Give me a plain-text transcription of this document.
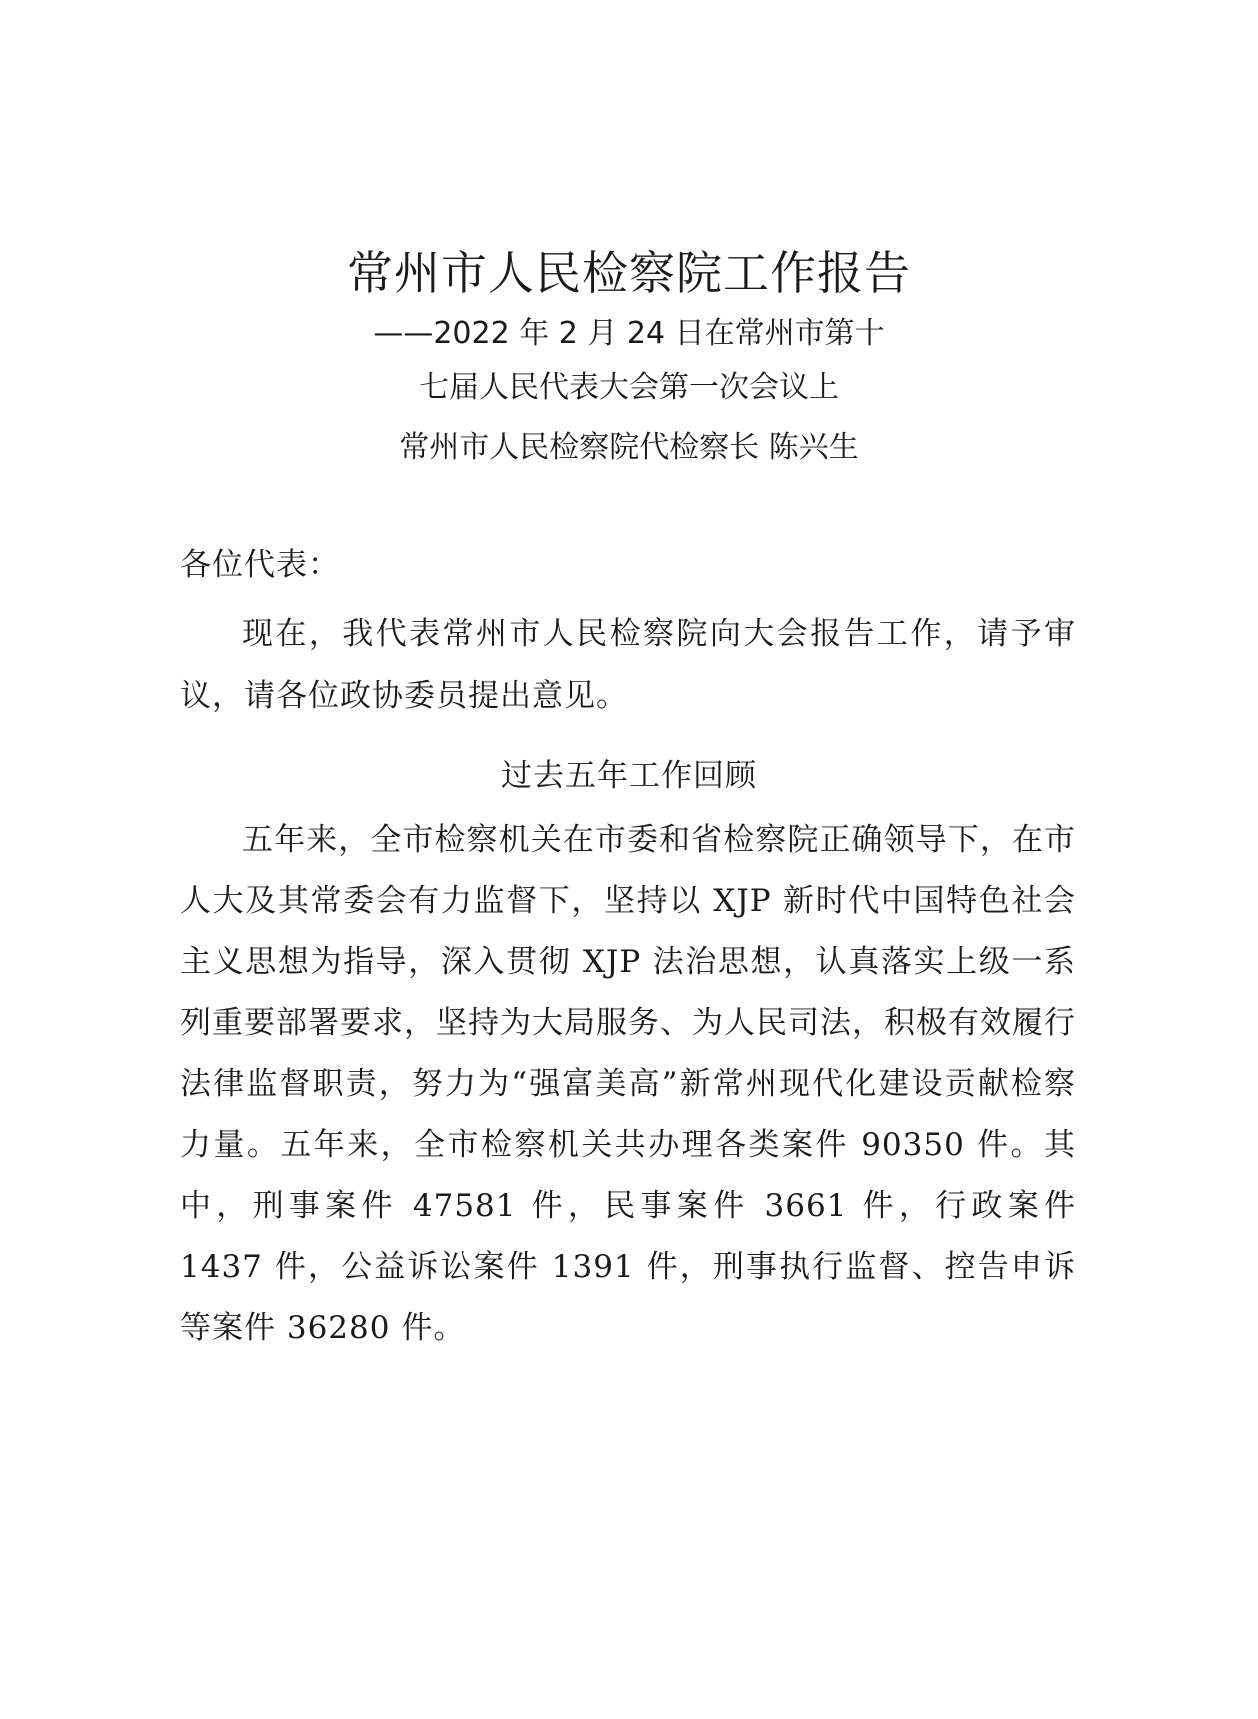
常州市人民检察院工作报告

——2022 年 2 月 24 日在常州市第十

七届人民代表大会第一次会议上

常州市人民检察院代检察长 陈兴生

各位代表：

现在，我代表常州市人民检察院向大会报告工作，请予审议，请各位政协委员提出意见。

过去五年工作回顾

五年来，全市检察机关在市委和省检察院正确领导下，在市人大及其常委会有力监督下，坚持以 XJP 新时代中国特色社会主义思想为指导，深入贯彻 XJP 法治思想，认真落实上级一系列重要部署要求，坚持为大局服务、为人民司法，积极有效履行法律监督职责，努力为“强富美高”新常州现代化建设贡献检察力量。五年来，全市检察机关共办理各类案件 90350 件。其中，刑事案件 47581 件，民事案件 3661 件，行政案件 1437 件，公益诉讼案件 1391 件，刑事执行监督、控告申诉等案件 36280 件。
